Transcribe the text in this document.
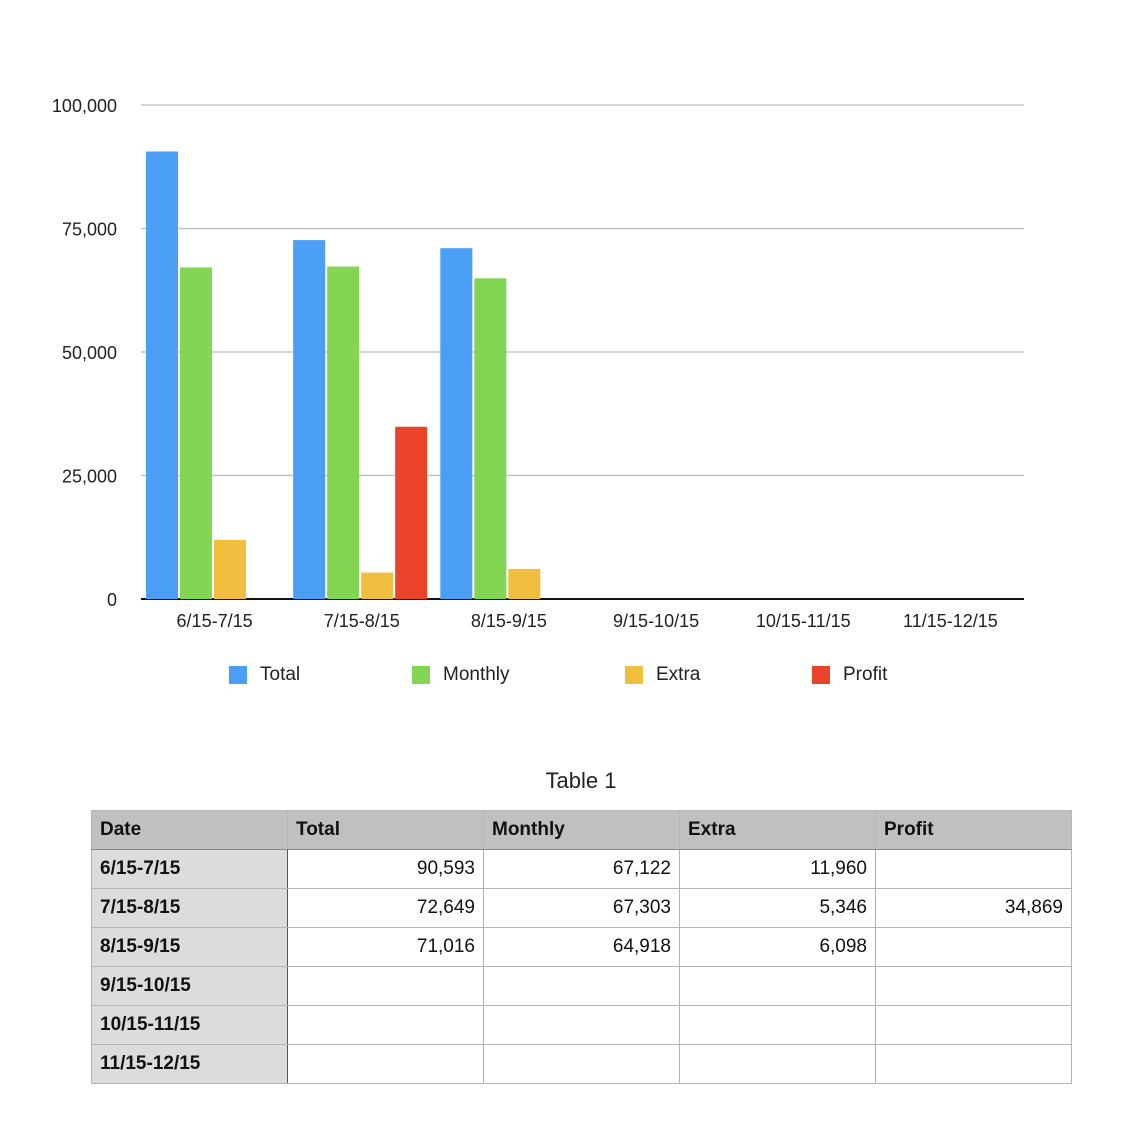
0
25,000
50,000
75,000
100,000
6/15-7/15	7/15-8/15	8/15-9/15	9/15-10/15	10/15-11/15	11/15-12/15
Total	Monthly	Extra	Profit
Table 1
Date	Total	Monthly	Extra	Profit
6/15-7/15	90,593	67,122	11,960	
7/15-8/15	72,649	67,303	5,346	34,869
8/15-9/15	71,016	64,918	6,098	
9/15-10/15				
10/15-11/15				
11/15-12/15				
